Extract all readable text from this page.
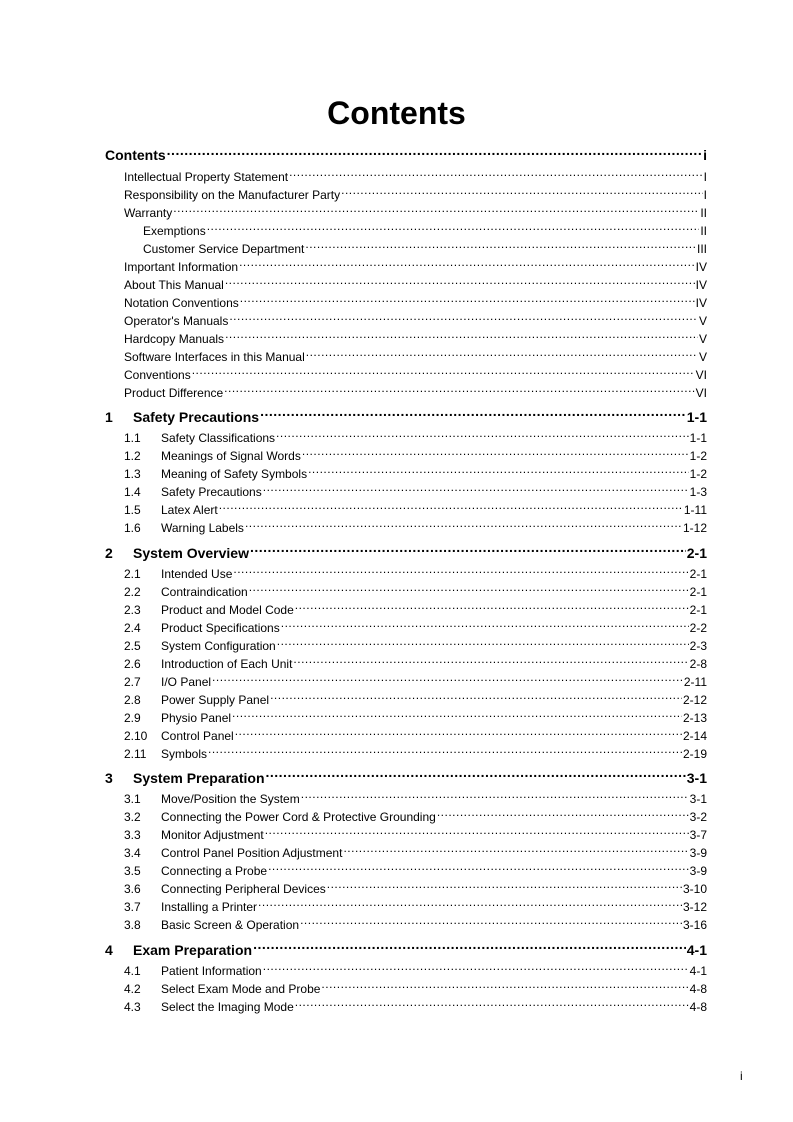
Contents
Contents .....	i
Intellectual Property Statement .....	I
Responsibility on the Manufacturer Party .....	I
Warranty .....	II
Exemptions .....	II
Customer Service Department .....	III
Important Information .....	IV
About This Manual .....	IV
Notation Conventions .....	IV
Operator's Manuals .....	V
Hardcopy Manuals .....	V
Software Interfaces in this Manual .....	V
Conventions .....	VI
Product Difference .....	VI
1	Safety Precautions .....	1-1
1.1	Safety Classifications .....	1-1
1.2	Meanings of Signal Words .....	1-2
1.3	Meaning of Safety Symbols .....	1-2
1.4	Safety Precautions .....	1-3
1.5	Latex Alert .....	1-11
1.6	Warning Labels .....	1-12
2	System Overview .....	2-1
2.1	Intended Use .....	2-1
2.2	Contraindication .....	2-1
2.3	Product and Model Code .....	2-1
2.4	Product Specifications .....	2-2
2.5	System Configuration .....	2-3
2.6	Introduction of Each Unit .....	2-8
2.7	I/O Panel .....	2-11
2.8	Power Supply Panel .....	2-12
2.9	Physio Panel .....	2-13
2.10	Control Panel .....	2-14
2.11	Symbols .....	2-19
3	System Preparation .....	3-1
3.1	Move/Position the System .....	3-1
3.2	Connecting the Power Cord & Protective Grounding .....	3-2
3.3	Monitor Adjustment .....	3-7
3.4	Control Panel Position Adjustment .....	3-9
3.5	Connecting a Probe .....	3-9
3.6	Connecting Peripheral Devices .....	3-10
3.7	Installing a Printer .....	3-12
3.8	Basic Screen & Operation .....	3-16
4	Exam Preparation .....	4-1
4.1	Patient Information .....	4-1
4.2	Select Exam Mode and Probe .....	4-8
4.3	Select the Imaging Mode .....	4-8
i
